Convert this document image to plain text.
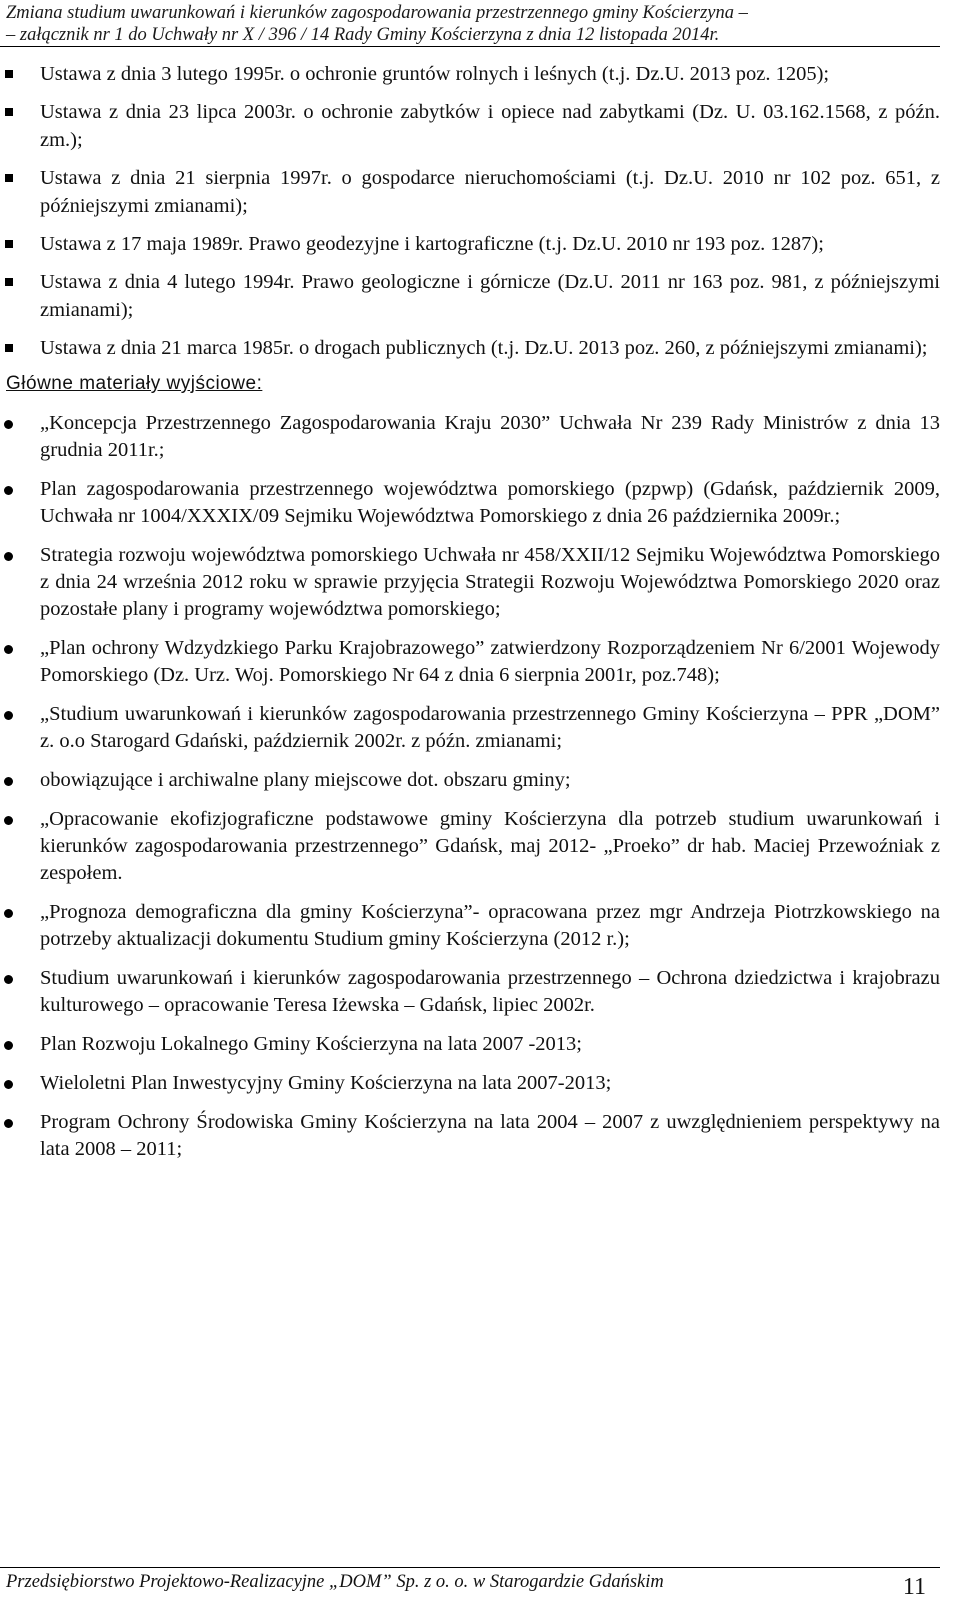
Zmiana studium uwarunkowań i kierunków zagospodarowania przestrzennego gminy Kościerzyna –
– załącznik nr 1 do Uchwały nr X / 396 / 14 Rady Gminy Kościerzyna z dnia 12 listopada 2014r.
Ustawa z dnia 3 lutego 1995r. o ochronie gruntów rolnych i leśnych (t.j. Dz.U. 2013 poz. 1205);
Ustawa z dnia 23 lipca 2003r. o ochronie zabytków i opiece nad zabytkami (Dz. U. 03.162.1568, z późn. zm.);
Ustawa z dnia 21 sierpnia 1997r. o gospodarce nieruchomościami (t.j. Dz.U. 2010 nr 102 poz. 651, z późniejszymi zmianami);
Ustawa z 17 maja 1989r. Prawo geodezyjne i kartograficzne (t.j. Dz.U. 2010 nr 193 poz. 1287);
Ustawa z dnia 4 lutego 1994r. Prawo geologiczne i górnicze (Dz.U. 2011 nr 163 poz. 981, z późniejszymi zmianami);
Ustawa z dnia 21 marca 1985r. o drogach publicznych (t.j. Dz.U. 2013 poz. 260, z późniejszymi zmianami);
Główne materiały wyjściowe:
„Koncepcja Przestrzennego Zagospodarowania Kraju 2030” Uchwała Nr 239 Rady Ministrów z dnia 13 grudnia 2011r.;
Plan zagospodarowania przestrzennego województwa pomorskiego (pzpwp) (Gdańsk, październik 2009, Uchwała nr 1004/XXXIX/09 Sejmiku Województwa Pomorskiego z dnia 26 października 2009r.;
Strategia rozwoju województwa pomorskiego Uchwała nr 458/XXII/12 Sejmiku Województwa Pomorskiego z dnia 24 września 2012 roku w sprawie przyjęcia Strategii Rozwoju Województwa Pomorskiego 2020 oraz pozostałe plany i programy województwa pomorskiego;
„Plan ochrony Wdzydzkiego Parku Krajobrazowego” zatwierdzony Rozporządzeniem Nr 6/2001 Wojewody Pomorskiego (Dz. Urz. Woj. Pomorskiego Nr 64 z dnia 6 sierpnia 2001r, poz.748);
„Studium uwarunkowań i kierunków zagospodarowania przestrzennego Gminy Kościerzyna – PPR „DOM” z. o.o Starogard Gdański, październik 2002r. z późn. zmianami;
obowiązujące i archiwalne plany miejscowe dot. obszaru gminy;
„Opracowanie ekofizjograficzne podstawowe gminy Kościerzyna dla potrzeb studium uwarunkowań i kierunków zagospodarowania przestrzennego” Gdańsk, maj 2012- „Proeko” dr hab. Maciej Przewoźniak z zespołem.
„Prognoza demograficzna dla gminy Kościerzyna”- opracowana przez mgr Andrzeja Piotrzkowskiego na potrzeby aktualizacji dokumentu Studium gminy Kościerzyna (2012 r.);
Studium uwarunkowań i kierunków zagospodarowania przestrzennego – Ochrona dziedzictwa i krajobrazu kulturowego – opracowanie Teresa Iżewska – Gdańsk, lipiec 2002r.
Plan Rozwoju Lokalnego Gminy Kościerzyna na lata 2007 -2013;
Wieloletni Plan Inwestycyjny Gminy Kościerzyna na lata 2007-2013;
Program Ochrony Środowiska Gminy Kościerzyna na lata 2004 – 2007 z uwzględnieniem perspektywy na lata 2008 – 2011;
Przedsiębiorstwo Projektowo-Realizacyjne „DOM” Sp. z o. o. w Starogardzie Gdańskim	11
